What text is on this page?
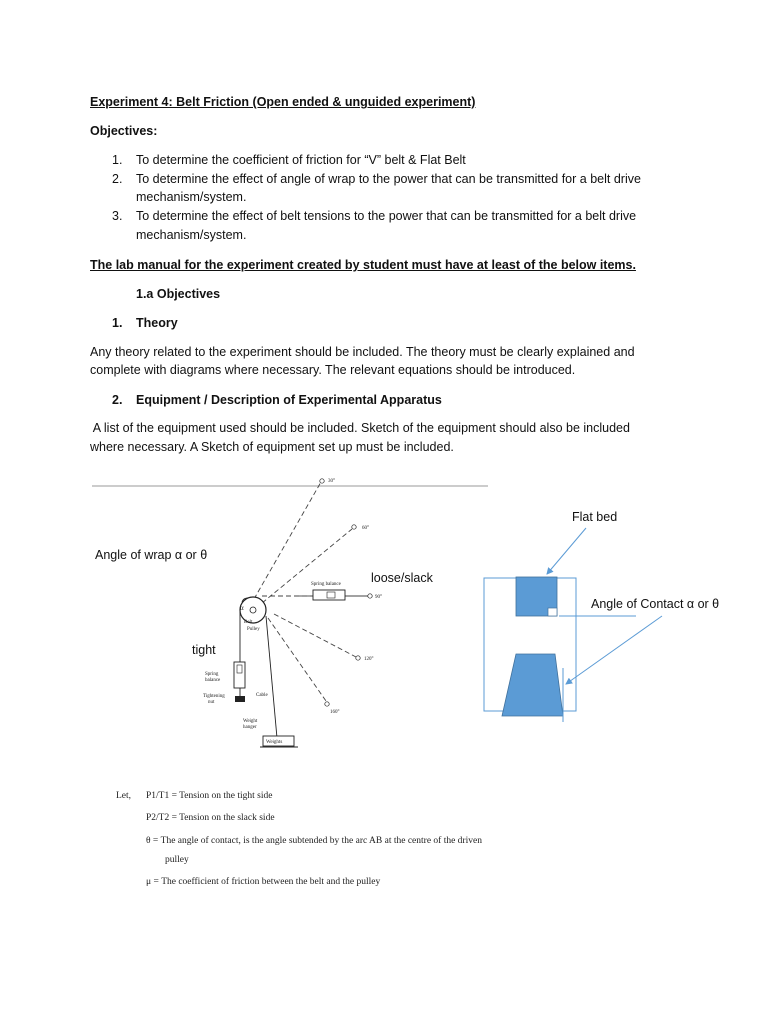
Experiment 4: Belt Friction (Open ended & unguided experiment)
Objectives:
1. To determine the coefficient of friction for “V” belt & Flat Belt
2. To determine the effect of angle of wrap to the power that can be transmitted for a belt drive
mechanism/system.
3. To determine the effect of belt tensions to the power that can be transmitted for a belt drive
mechanism/system.
The lab manual for the experiment created by student must have at least of the below items.
1.a Objectives
1. Theory
Any theory related to the experiment should be included. The theory must be clearly explained and
complete with diagrams where necessary. The relevant equations should be introduced.
2. Equipment / Description of Experimental Apparatus
A list of the equipment used should be included. Sketch of the equipment should also be included
where necessary. A Sketch of equipment set up must be included.
α
Spring balance
30°
60°
90°
120°
160°
Belt
Pulley
Spring
balance
Tightening
nut
Cable
Weight
hanger
Weights
Angle of wrap α or θ
loose/slack
tight
Flat bed
Angle of Contact α or θ
Let, P1/T1 = Tension on the tight side
P2/T2 = Tension on the slack side
θ = The angle of contact, is the angle subtended by the arc AB at the centre of the driven
pulley
μ = The coefficient of friction between the belt and the pulley
